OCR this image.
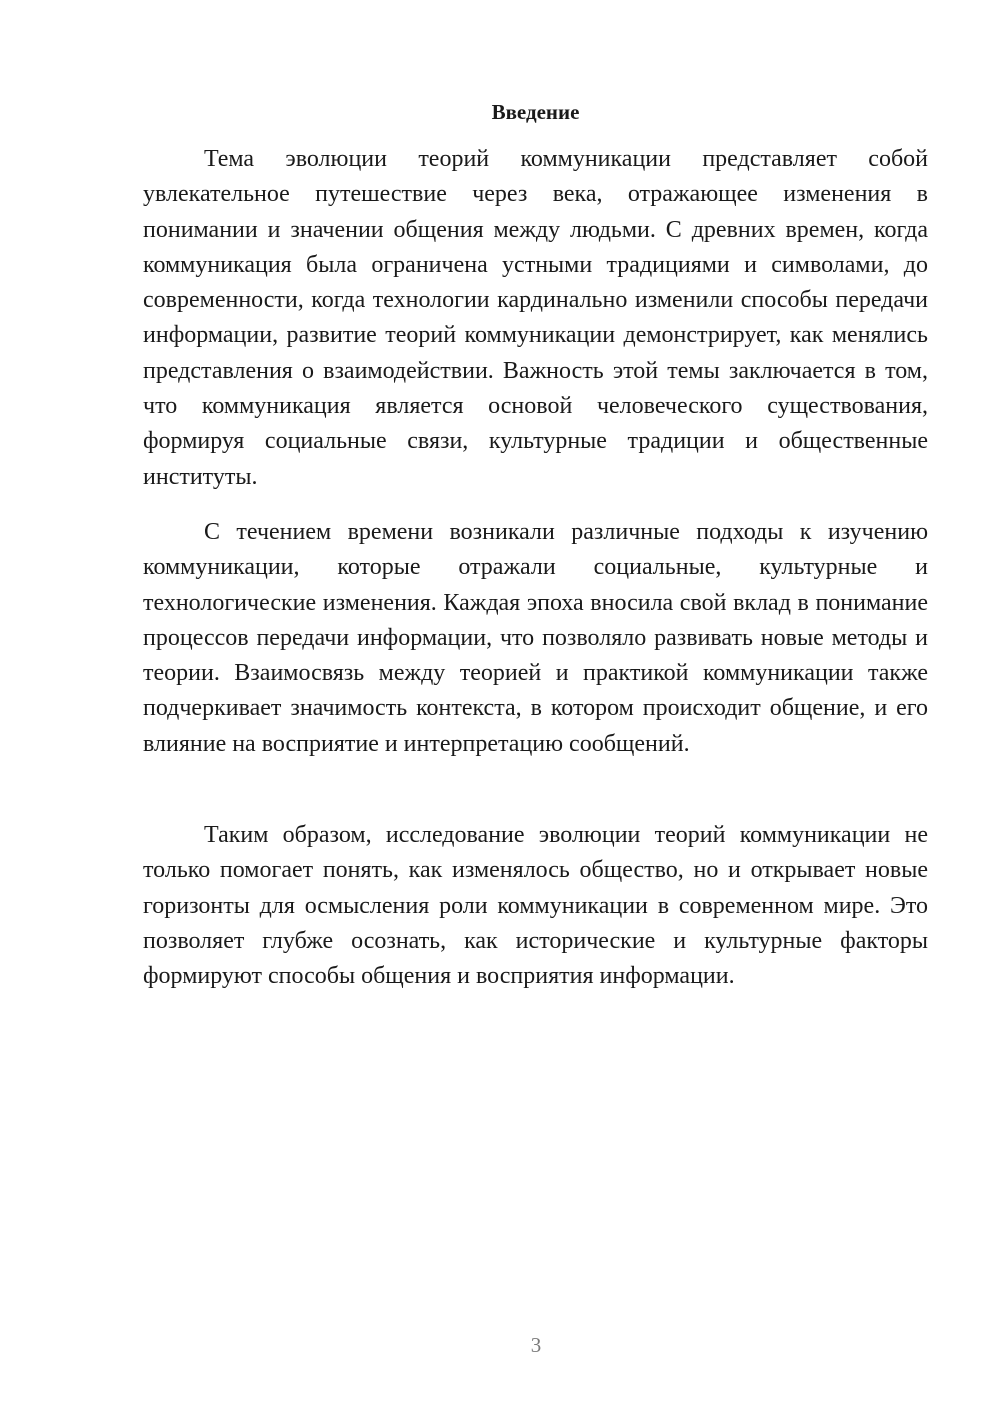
Введение

Тема эволюции теорий коммуникации представляет собой увлекательное путешествие через века, отражающее изменения в понимании и значении общения между людьми. С древних времен, когда коммуникация была ограничена устными традициями и символами, до современности, когда технологии кардинально изменили способы передачи информации, развитие теорий коммуникации демонстрирует, как менялись представления о взаимодействии. Важность этой темы заключается в том, что коммуникация является основой человеческого существования, формируя социальные связи, культурные традиции и общественные институты.

С течением времени возникали различные подходы к изучению коммуникации, которые отражали социальные, культурные и технологические изменения. Каждая эпоха вносила свой вклад в понимание процессов передачи информации, что позволяло развивать новые методы и теории. Взаимосвязь между теорией и практикой коммуникации также подчеркивает значимость контекста, в котором происходит общение, и его влияние на восприятие и интерпретацию сообщений.

Таким образом, исследование эволюции теорий коммуникации не только помогает понять, как изменялось общество, но и открывает новые горизонты для осмысления роли коммуникации в современном мире. Это позволяет глубже осознать, как исторические и культурные факторы формируют способы общения и восприятия информации.

3
